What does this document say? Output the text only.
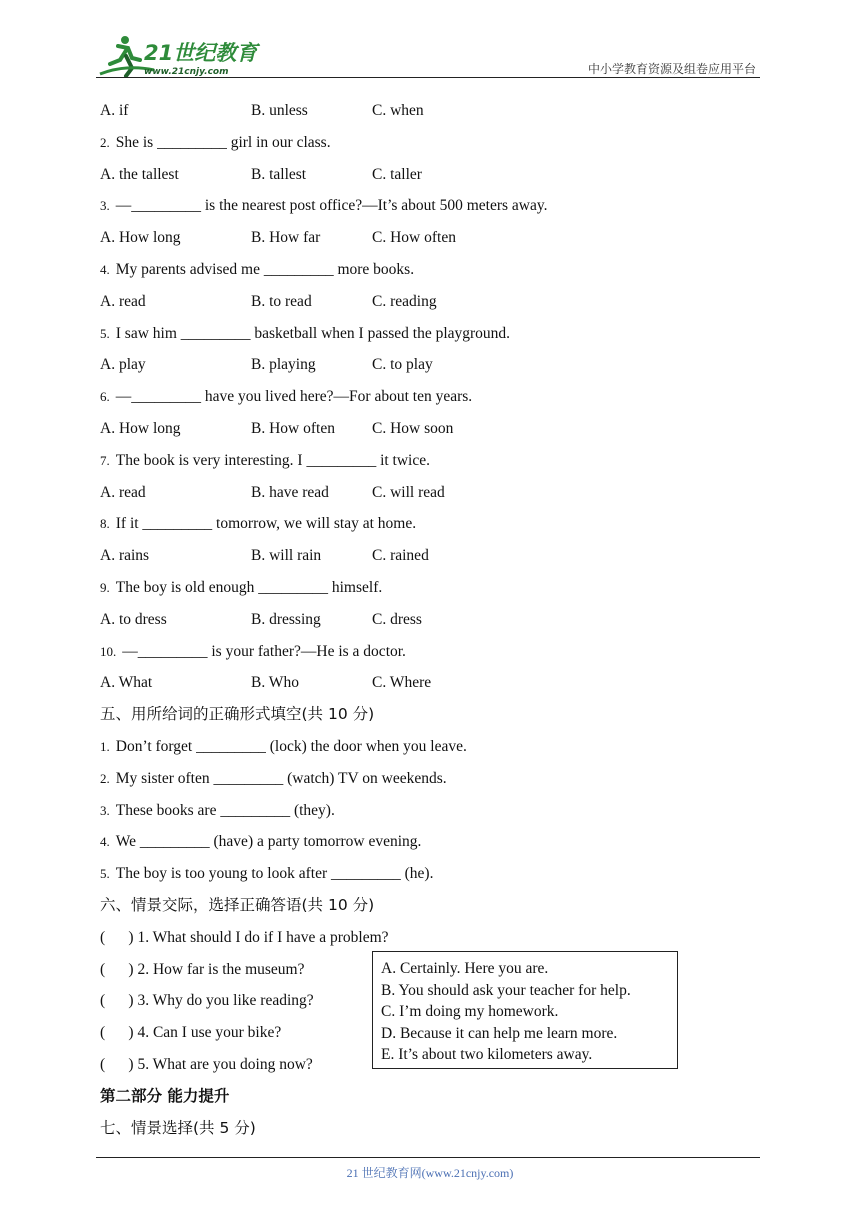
21世纪教育
www.21cnjy.com	中小学教育资源及组卷应用平台
A. if	B. unless	C. when
2. She is _________ girl in our class.
A. the tallest	B. tallest	C. taller
3. —_________ is the nearest post office?—It’s about 500 meters away.
A. How long	B. How far	C. How often
4. My parents advised me _________ more books.
A. read	B. to read	C. reading
5. I saw him _________ basketball when I passed the playground.
A. play	B. playing	C. to play
6. —_________ have you lived here?—For about ten years.
A. How long	B. How often C. How soon
7. The book is very interesting. I _________ it twice.
A. read	B. have read	C. will read
8. If it _________ tomorrow, we will stay at home.
A. rains	B. will rain	C. rained
9. The boy is old enough _________ himself.
A. to dress	B. dressing	C. dress
10. —_________ is your father?—He is a doctor.
A. What	B. Who	C. Where
五、用所给词的正确形式填空(共 10 分)
1. Don’t forget _________ (lock) the door when you leave.
2. My sister often _________ (watch) TV on weekends.
3. These books are _________ (they).
4. We _________ (have) a party tomorrow evening.
5. The boy is too young to look after _________ (he).
六、情景交际，选择正确答语(共 10 分)
(      ) 1. What should I do if I have a problem?
(      ) 2. How far is the museum?
(      ) 3. Why do you like reading?
(      ) 4. Can I use your bike?
(      ) 5. What are you doing now?
第二部分 能力提升
七、情景选择(共 5 分)
A. Certainly. Here you are.
B. You should ask your teacher for help.
C. I’m doing my homework.
D. Because it can help me learn more.
E. It’s about two kilometers away.
21 世纪教育网(www.21cnjy.com)
